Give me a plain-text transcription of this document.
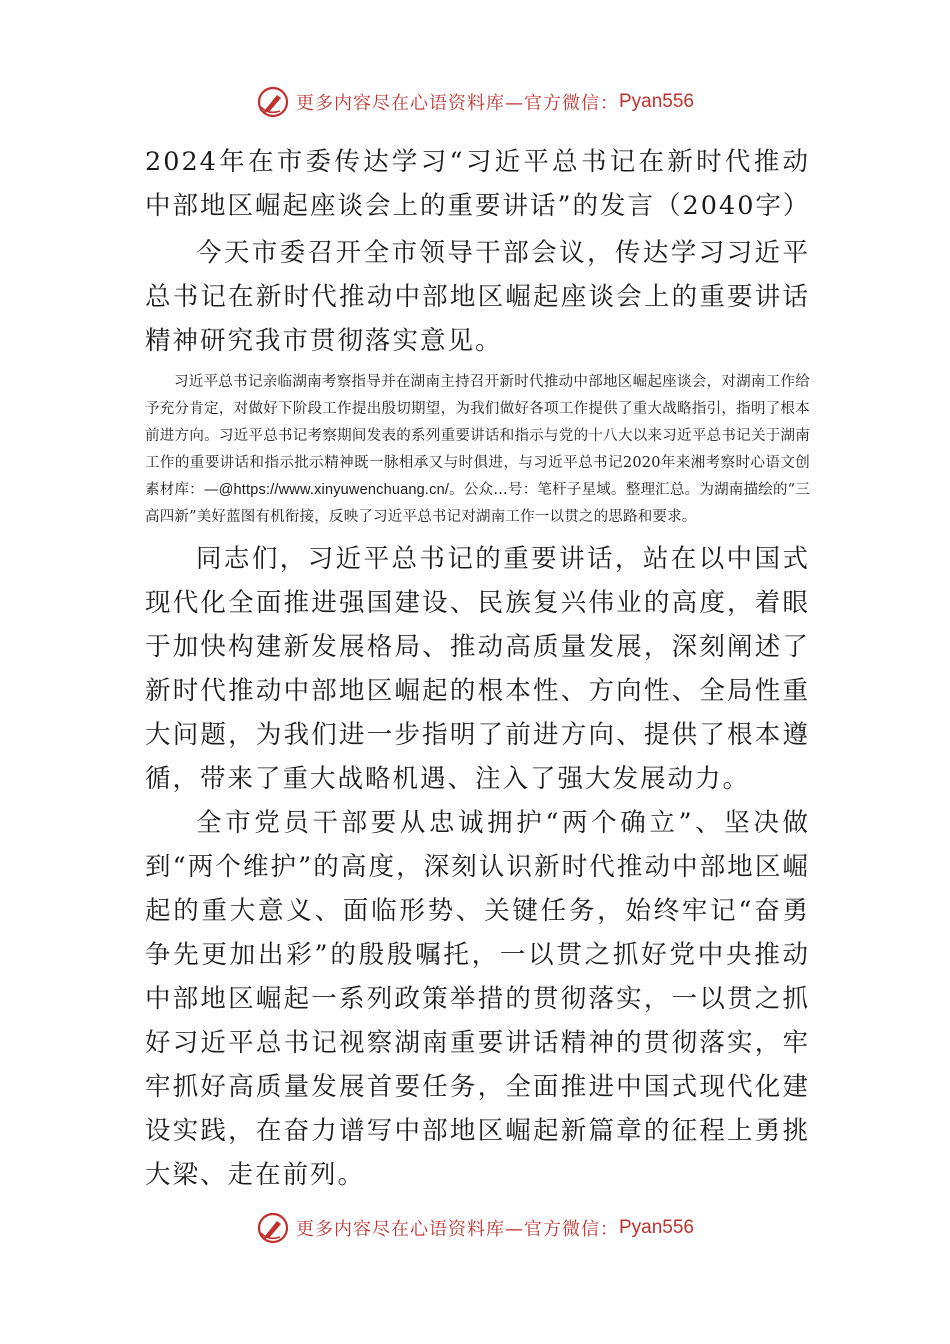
更多内容尽在心语资料库—官方微信： Pyan556
2024年在市委传达学习“习近平总书记在新时代推动中部地区崛起座谈会上的重要讲话”的发言（2040字）

今天市委召开全市领导干部会议，传达学习习近平总书记在新时代推动中部地区崛起座谈会上的重要讲话精神研究我市贯彻落实意见。

习近平总书记亲临湖南考察指导并在湖南主持召开新时代推动中部地区崛起座谈会，对湖南工作给予充分肯定，对做好下阶段工作提出殷切期望，为我们做好各项工作提供了重大战略指引，指明了根本前进方向。习近平总书记考察期间发表的系列重要讲话和指示与党的十八大以来习近平总书记关于湖南工作的重要讲话和指示批示精神既一脉相承又与时俱进，与习近平总书记2020年来湘考察时心语文创素材库：—@https://www.xinyuwenchuang.cn/。公众…号：笔杆子星域。整理汇总。为湖南描绘的“三高四新”美好蓝图有机衔接，反映了习近平总书记对湖南工作一以贯之的思路和要求。

同志们，习近平总书记的重要讲话，站在以中国式现代化全面推进强国建设、民族复兴伟业的高度，着眼于加快构建新发展格局、推动高质量发展，深刻阐述了新时代推动中部地区崛起的根本性、方向性、全局性重大问题，为我们进一步指明了前进方向、提供了根本遵循，带来了重大战略机遇、注入了强大发展动力。

全市党员干部要从忠诚拥护“两个确立”、坚决做到“两个维护”的高度，深刻认识新时代推动中部地区崛起的重大意义、面临形势、关键任务，始终牢记“奋勇争先更加出彩”的殷殷嘱托，一以贯之抓好党中央推动中部地区崛起一系列政策举措的贯彻落实，一以贯之抓好习近平总书记视察湖南重要讲话精神的贯彻落实，牢牢抓好高质量发展首要任务，全面推进中国式现代化建设实践，在奋力谱写中部地区崛起新篇章的征程上勇挑大梁、走在前列。

更多内容尽在心语资料库—官方微信： Pyan556
